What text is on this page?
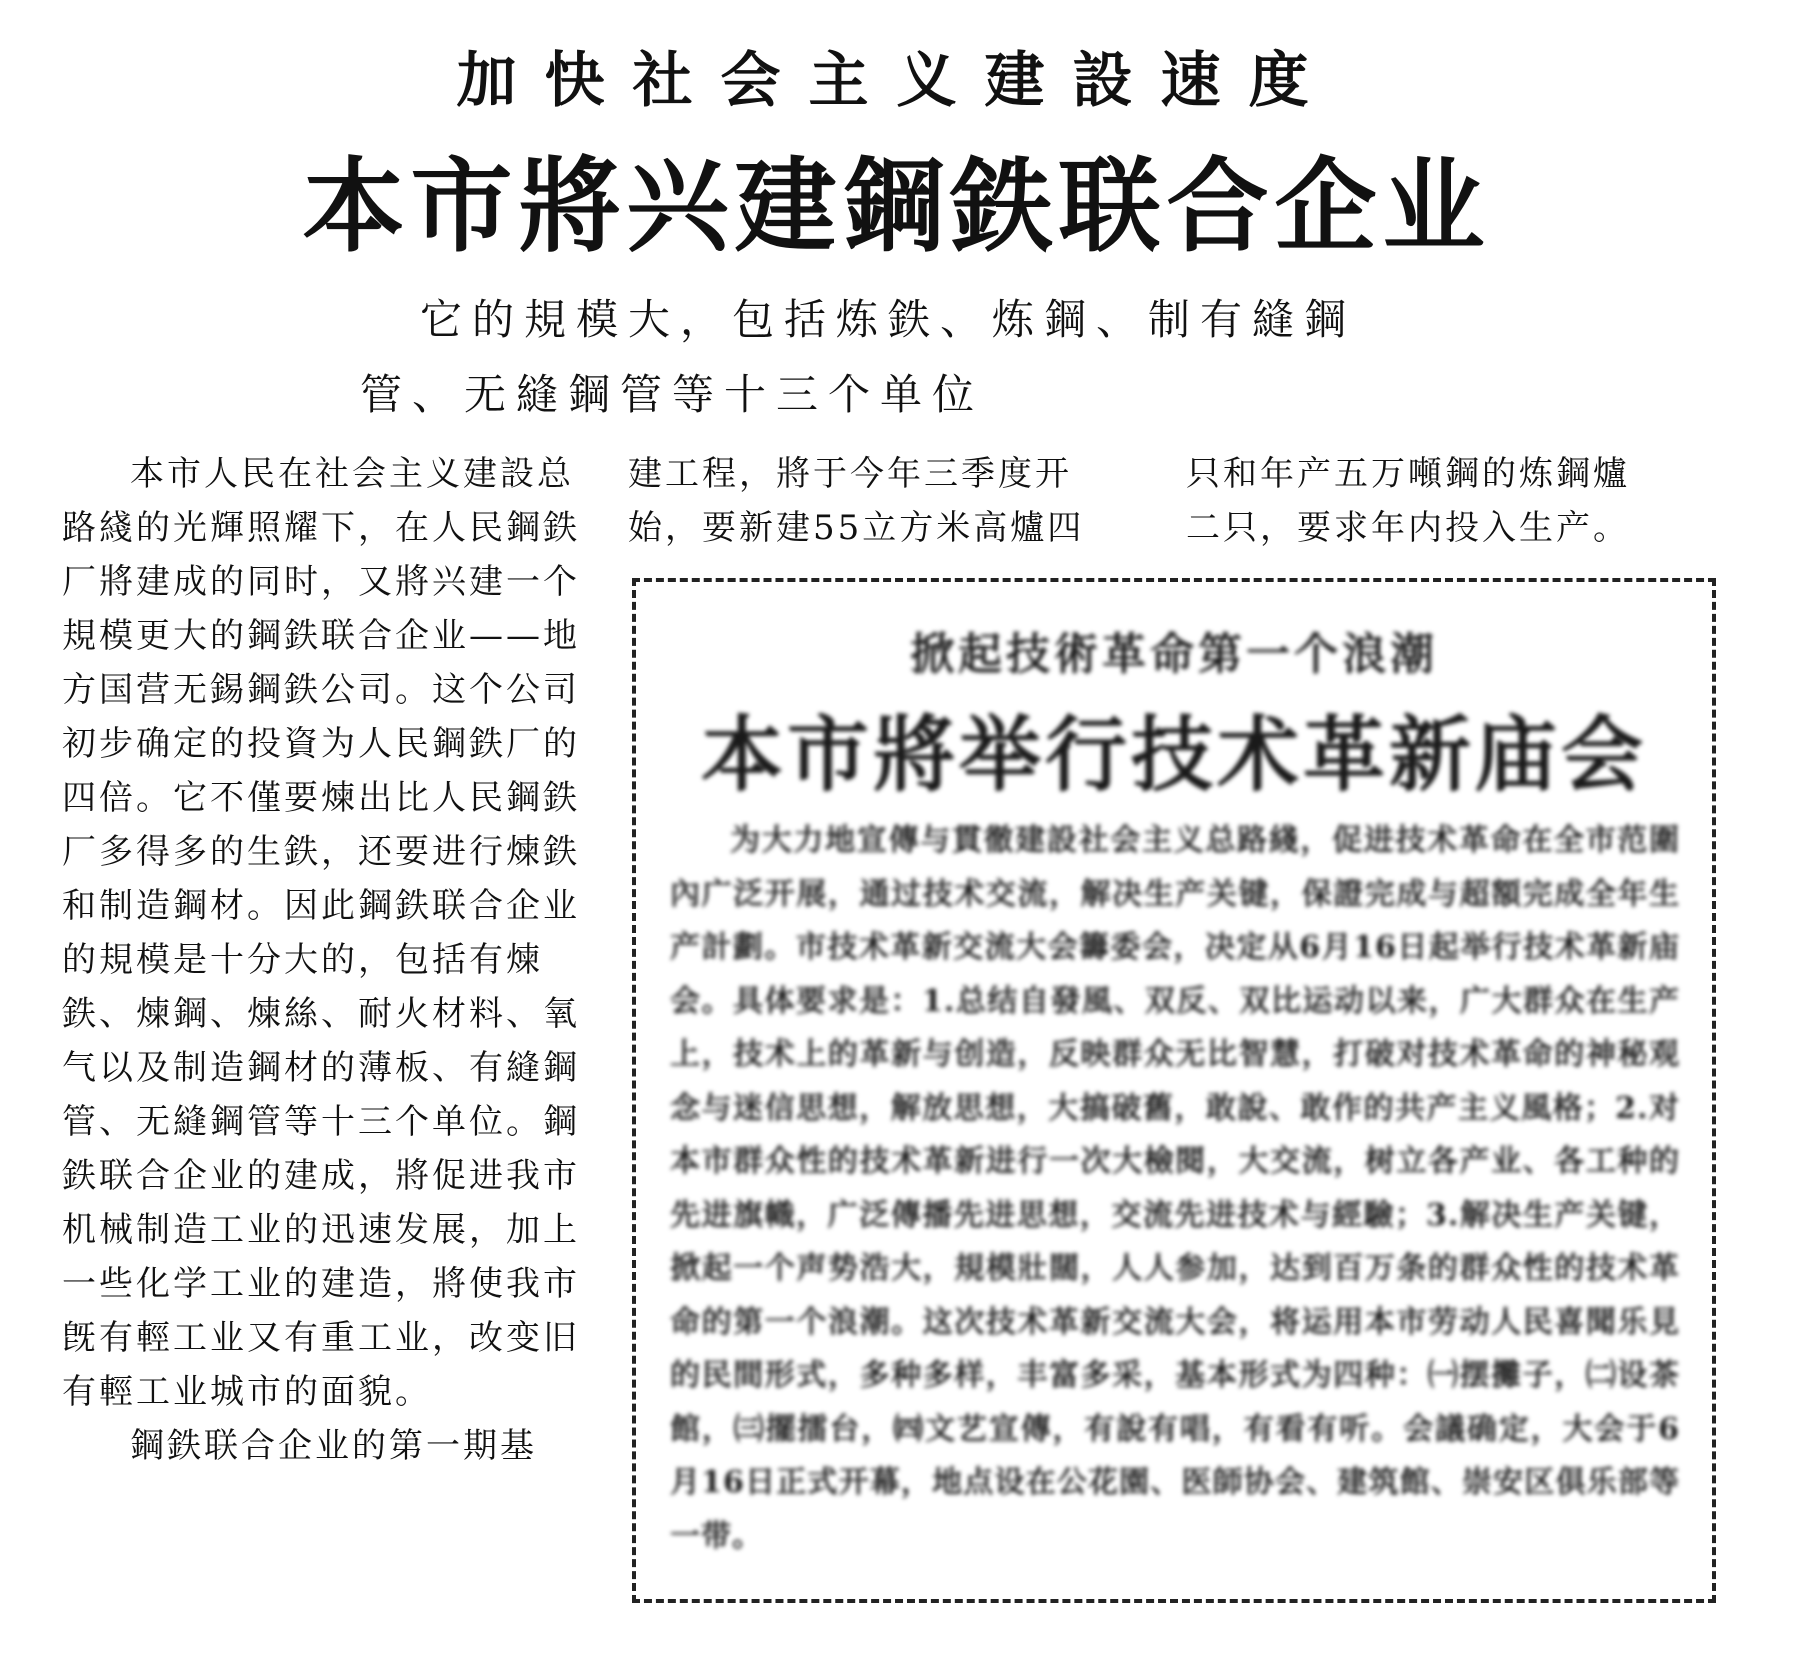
加快社会主义建設速度
本市將兴建鋼鉄联合企业
它的規模大，包括炼鉄、炼鋼、制有縫鋼
管、无縫鋼管等十三个单位

本市人民在社会主义建設总路綫的光輝照耀下，在人民鋼鉄厂將建成的同时，又將兴建一个規模更大的鋼鉄联合企业——地方国营无錫鋼鉄公司。这个公司初步确定的投資为人民鋼鉄厂的四倍。它不僅要煉出比人民鋼鉄厂多得多的生鉄，还要进行煉鉄和制造鋼材。因此鋼鉄联合企业的規模是十分大的，包括有煉鉄、煉鋼、煉絲、耐火材料、氧气以及制造鋼材的薄板、有縫鋼管、无縫鋼管等十三个单位。鋼鉄联合企业的建成，將促进我市机械制造工业的迅速发展，加上一些化学工业的建造，將使我市旣有輕工业又有重工业，改变旧有輕工业城市的面貌。

鋼鉄联合企业的第一期基

建工程，將于今年三季度开

始，要新建55立方米高爐四

只和年产五万噸鋼的炼鋼爐

二只，要求年内投入生产。

掀起技術革命第一个浪潮
本市將举行技术革新庙会
为大力地宣傳与貫徹建設社会主义总路綫，促进技术革命在全市范圍內广泛开展，通过技术交流，解决生产关键，保證完成与超額完成全年生产計劃。市技术革新交流大会籌委会，决定从6月16日起举行技术革新庙会。具体要求是：1.总结自發風、双反、双比运动以来，广大群众在生产上，技术上的革新与创造，反映群众无比智慧，打破对技术革命的神秘观念与迷信思想，解放思想，大搞破舊，敢說、敢作的共产主义風格；2.对本市群众性的技术革新进行一次大檢閱，大交流，树立各产业、各工种的先进旗幟，广泛傳播先进思想，交流先进技术与經驗；3.解决生产关键，掀起一个声势浩大，規模壯闊，人人参加，达到百万条的群众性的技术革命的第一个浪潮。这次技术革新交流大会，将运用本市劳动人民喜聞乐見的民間形式，多种多样，丰富多采，基本形式为四种：㈠摆攤子，㈡设茶館，㈢擺擂台，㈣文艺宣傳，有說有唱，有看有听。会議确定，大会于6月16日正式开幕，地点设在公花園、医師协会、建筑館、崇安区俱乐部等一带。
